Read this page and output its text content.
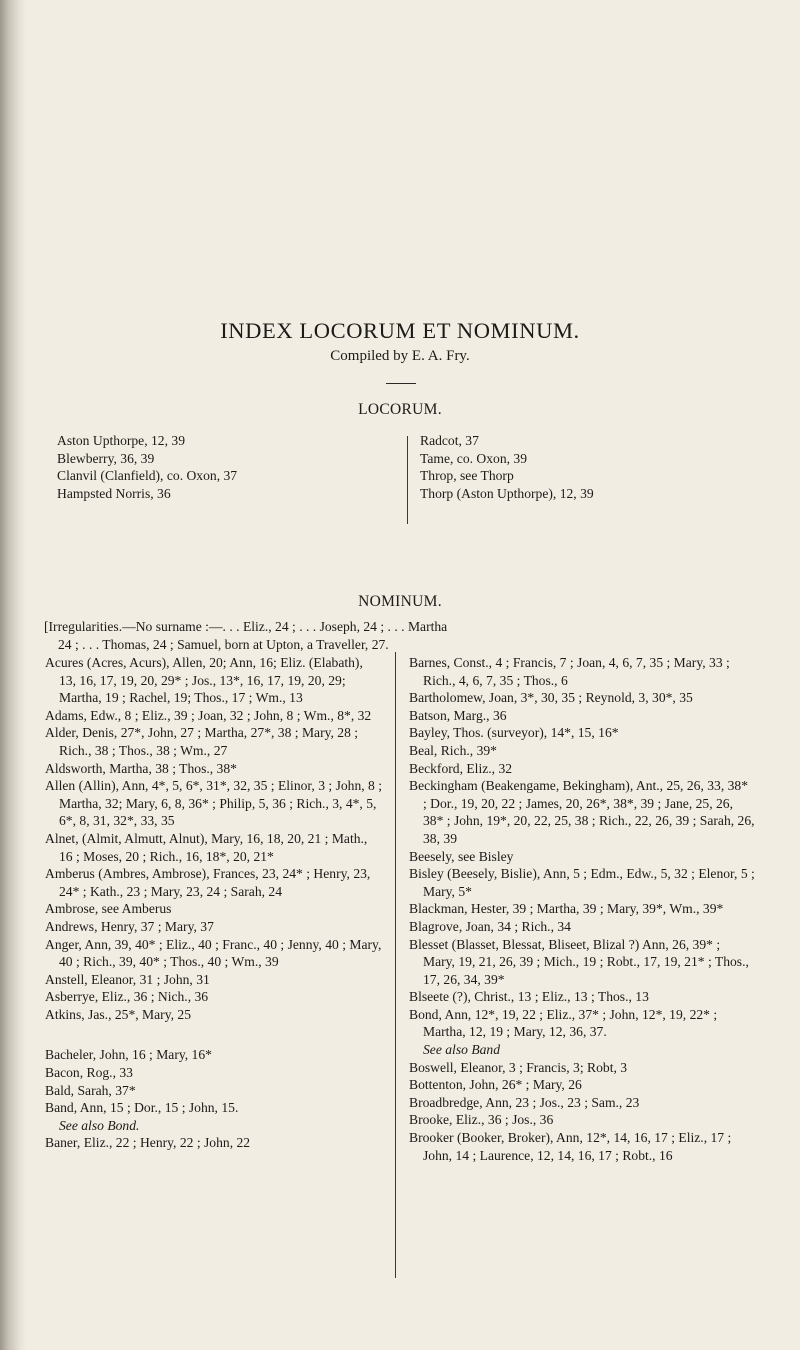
INDEX LOCORUM ET NOMINUM.

Compiled by E. A. Fry.

LOCORUM.

Aston Upthorpe, 12, 39

Blewberry, 36, 39

Clanvil (Clanfield), co. Oxon, 37

Hampsted Norris, 36

Radcot, 37

Tame, co. Oxon, 39

Throp, see Thorp

Thorp (Aston Upthorpe), 12, 39

NOMINUM.
[Irregularities.—No surname :—. . . Eliz., 24 ; . . . Joseph, 24 ; . . . Martha
24 ; . . . Thomas, 24 ; Samuel, born at Upton, a Traveller, 27.

Acures (Acres, Acurs), Allen, 20; Ann, 16; Eliz. (Elabath), 13, 16, 17, 19, 20, 29* ; Jos., 13*, 16, 17, 19, 20, 29; Martha, 19 ; Rachel, 19; Thos., 17 ; Wm., 13

Adams, Edw., 8 ; Eliz., 39 ; Joan, 32 ; John, 8 ; Wm., 8*, 32

Alder, Denis, 27*, John, 27 ; Martha, 27*, 38 ; Mary, 28 ; Rich., 38 ; Thos., 38 ; Wm., 27

Aldsworth, Martha, 38 ; Thos., 38*

Allen (Allin), Ann, 4*, 5, 6*, 31*, 32, 35 ; Elinor, 3 ; John, 8 ; Martha, 32; Mary, 6, 8, 36* ; Philip, 5, 36 ; Rich., 3, 4*, 5, 6*, 8, 31, 32*, 33, 35

Alnet, (Almit, Almutt, Alnut), Mary, 16, 18, 20, 21 ; Math., 16 ; Moses, 20 ; Rich., 16, 18*, 20, 21*

Amberus (Ambres, Ambrose), Frances, 23, 24* ; Henry, 23, 24* ; Kath., 23 ; Mary, 23, 24 ; Sarah, 24

Ambrose, see Amberus

Andrews, Henry, 37 ; Mary, 37

Anger, Ann, 39, 40* ; Eliz., 40 ; Franc., 40 ; Jenny, 40 ; Mary, 40 ; Rich., 39, 40* ; Thos., 40 ; Wm., 39

Anstell, Eleanor, 31 ; John, 31

Asberrye, Eliz., 36 ; Nich., 36

Atkins, Jas., 25*, Mary, 25

Bacheler, John, 16 ; Mary, 16*

Bacon, Rog., 33

Bald, Sarah, 37*

Band, Ann, 15 ; Dor., 15 ; John, 15.

See also Bond.

Baner, Eliz., 22 ; Henry, 22 ; John, 22

Barnes, Const., 4 ; Francis, 7 ; Joan, 4, 6, 7, 35 ; Mary, 33 ; Rich., 4, 6, 7, 35 ; Thos., 6

Bartholomew, Joan, 3*, 30, 35 ; Reynold, 3, 30*, 35

Batson, Marg., 36

Bayley, Thos. (surveyor), 14*, 15, 16*

Beal, Rich., 39*

Beckford, Eliz., 32

Beckingham (Beakengame, Bekingham), Ant., 25, 26, 33, 38* ; Dor., 19, 20, 22 ; James, 20, 26*, 38*, 39 ; Jane, 25, 26, 38* ; John, 19*, 20, 22, 25, 38 ; Rich., 22, 26, 39 ; Sarah, 26, 38, 39

Beesely, see Bisley

Bisley (Beesely, Bislie), Ann, 5 ; Edm., Edw., 5, 32 ; Elenor, 5 ; Mary, 5*

Blackman, Hester, 39 ; Martha, 39 ; Mary, 39*, Wm., 39*

Blagrove, Joan, 34 ; Rich., 34

Blesset (Blasset, Blessat, Bliseet, Blizal ?) Ann, 26, 39* ; Mary, 19, 21, 26, 39 ; Mich., 19 ; Robt., 17, 19, 21* ; Thos., 17, 26, 34, 39*

Blseete (?), Christ., 13 ; Eliz., 13 ; Thos., 13

Bond, Ann, 12*, 19, 22 ; Eliz., 37* ; John, 12*, 19, 22* ; Martha, 12, 19 ; Mary, 12, 36, 37.

See also Band

Boswell, Eleanor, 3 ; Francis, 3; Robt, 3

Bottenton, John, 26* ; Mary, 26

Broadbredge, Ann, 23 ; Jos., 23 ; Sam., 23

Brooke, Eliz., 36 ; Jos., 36

Brooker (Booker, Broker), Ann, 12*, 14, 16, 17 ; Eliz., 17 ; John, 14 ; Laurence, 12, 14, 16, 17 ; Robt., 16
